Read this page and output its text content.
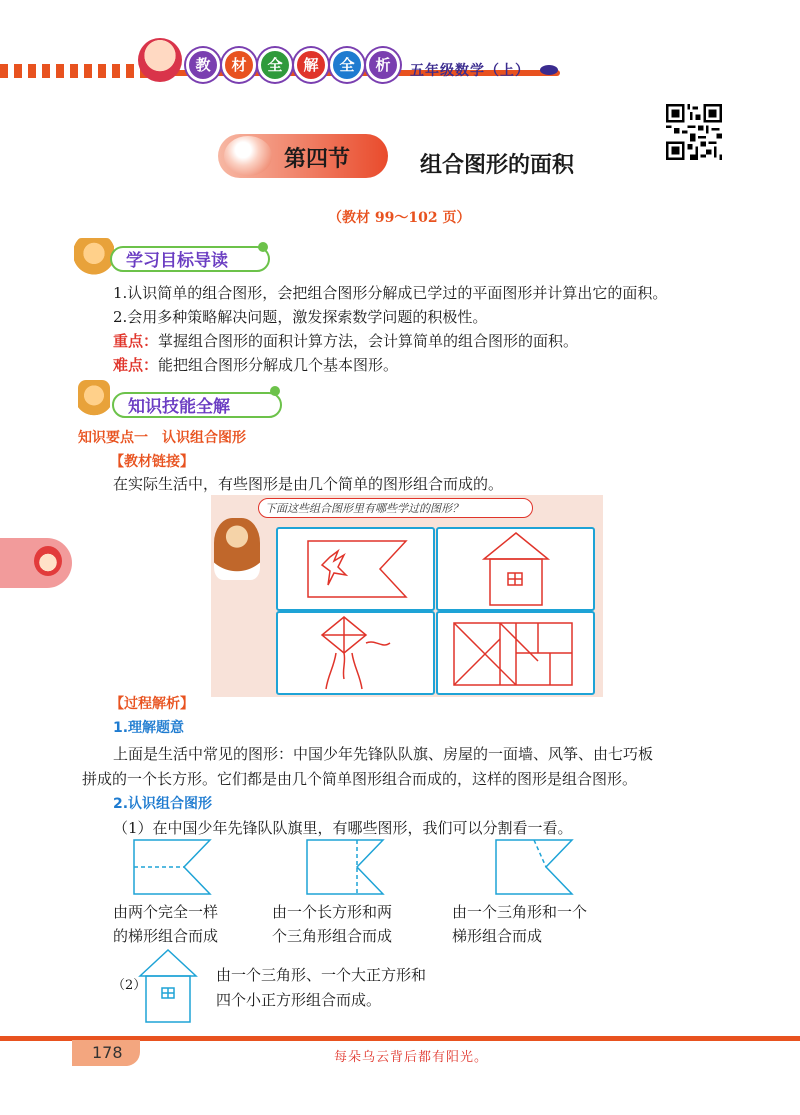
教	材	全	解	全	析	五年级数学（上）
第四节	组合图形的面积
（教材 99～102 页）
学习目标导读

1.认识简单的组合图形，会把组合图形分解成已学过的平面图形并计算出它的面积。

2.会用多种策略解决问题，激发探索数学问题的积极性。

重点：掌握组合图形的面积计算方法，会计算简单的组合图形的面积。

难点：能把组合图形分解成几个基本图形。

知识技能全解

知识要点一　认识组合图形

【教材链接】

在实际生活中，有些图形是由几个简单的图形组合而成的。

下面这些组合图形里有哪些学过的图形？

【过程解析】

1.理解题意

上面是生活中常见的图形：中国少年先锋队队旗、房屋的一面墙、风筝、由七巧板

拼成的一个长方形。它们都是由几个简单图形组合而成的，这样的图形是组合图形。

2.认识组合图形

（1）在中国少年先锋队队旗里，有哪些图形，我们可以分割看一看。

由两个完全一样

的梯形组合而成

由一个长方形和两

个三角形组合而成

由一个三角形和一个

梯形组合而成

（2）

由一个三角形、一个大正方形和

四个小正方形组合而成。

178	每朵乌云背后都有阳光。
